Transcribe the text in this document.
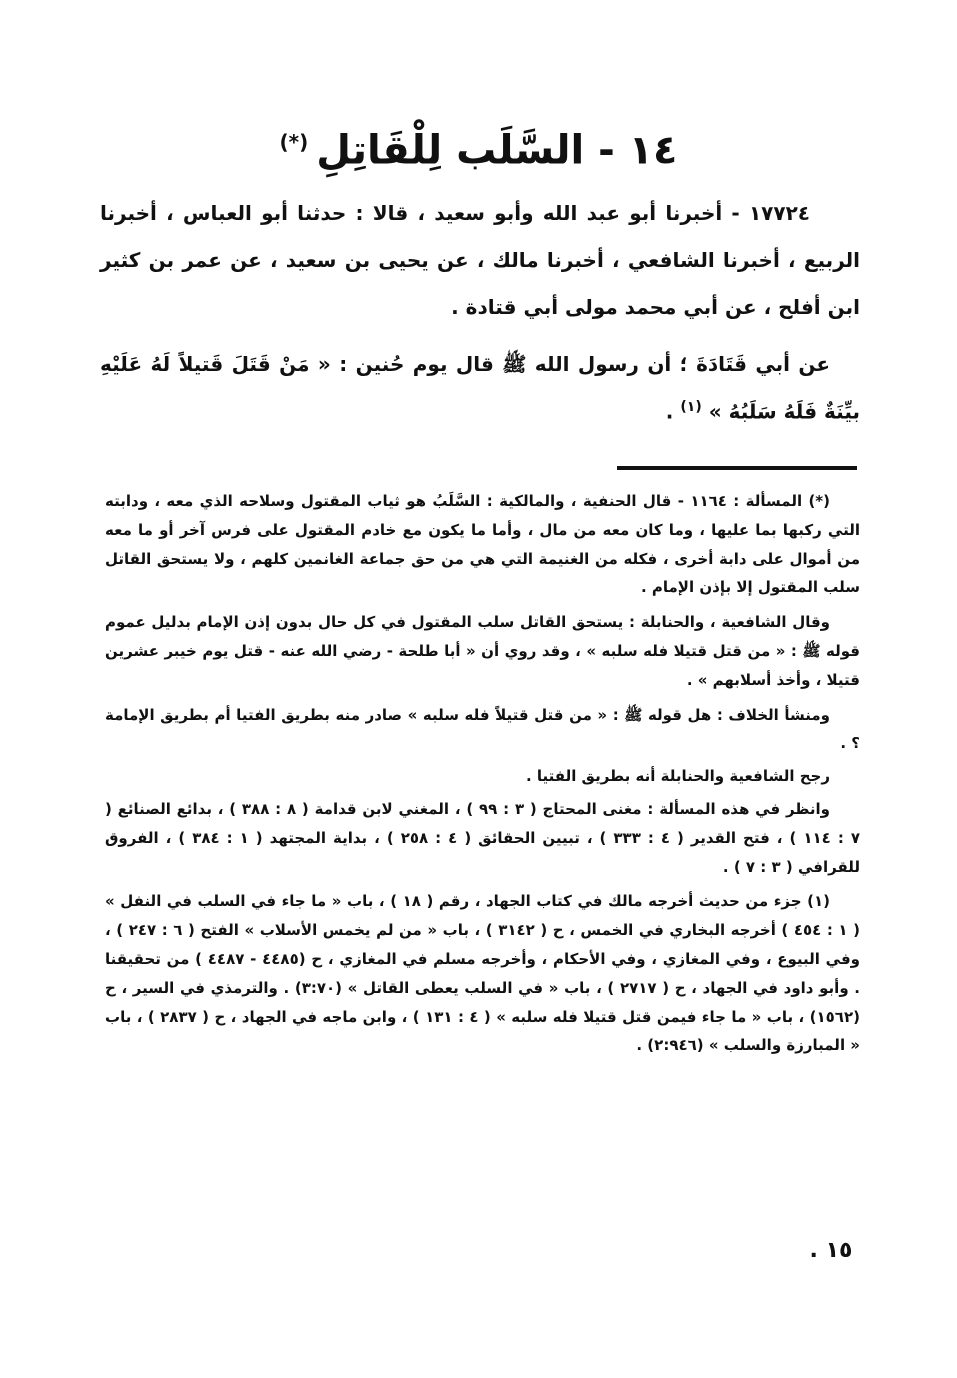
١٤ - السَّلَب لِلْقَاتِلِ(*)

١٧٧٢٤ - أخبرنا أبو عبد الله وأبو سعيد ، قالا : حدثنا أبو العباس ، أخبرنا الربيع ، أخبرنا الشافعي ، أخبرنا مالك ، عن يحيى بن سعيد ، عن عمر بن كثير ابن أفلح ، عن أبي محمد مولى أبي قتادة .

عن أبي قَتَادَةَ ؛ أن رسول الله ﷺ قال يوم حُنين : « مَنْ قَتَلَ قَتيلاً لَهُ عَلَيْهِ بيِّنَةٌ فَلَهُ سَلَبُهُ » $^{(١)}$ .

(*) المسألة : ١١٦٤ - قال الحنفية ، والمالكية : السَّلَبُ هو ثياب المقتول وسلاحه الذي معه ، ودابته التي ركبها بما عليها ، وما كان معه من مال ، وأما ما يكون مع خادم المقتول على فرس آخر أو ما معه من أموال على دابة أخرى ، فكله من الغنيمة التي هي من حق جماعة الغانمين كلهم ، ولا يستحق القاتل سلب المقتول إلا بإذن الإمام .

وقال الشافعية ، والحنابلة : يستحق القاتل سلب المقتول في كل حال بدون إذن الإمام بدليل عموم قوله ﷺ : « من قتل قتيلا فله سلبه » ، وقد روي أن « أبا طلحة - رضي الله عنه - قتل يوم خيبر عشرين قتيلا ، وأخذ أسلابهم » .

ومنشأ الخلاف : هل قوله ﷺ : « من قتل قتيلاً فله سلبه » صادر منه بطريق الفتيا أم بطريق الإمامة ؟ .

رجح الشافعية والحنابلة أنه بطريق الفتيا .

وانظر في هذه المسألة : مغنى المحتاج ( ٣ : ٩٩ ) ، المغني لابن قدامة ( ٨ : ٣٨٨ ) ، بدائع الصنائع ( ٧ : ١١٤ ) ، فتح القدير ( ٤ : ٣٣٣ ) ، تبيين الحقائق ( ٤ : ٢٥٨ ) ، بداية المجتهد ( ١ : ٣٨٤ ) ، الفروق للقرافي ( ٣ : ٧ ) .

(١) جزء من حديث أخرجه مالك في كتاب الجهاد ، رقم ( ١٨ ) ، باب « ما جاء في السلب في النفل » ( ١ : ٤٥٤ ) أخرجه البخاري في الخمس ، ح ( ٣١٤٢ ) ، باب « من لم يخمس الأسلاب » الفتح ( ٦ : ٢٤٧ ) ، وفي البيوع ، وفي المغازي ، وفي الأحكام ، وأخرجه مسلم في المغازي ، ح (٤٤٨٥ - ٤٤٨٧ ) من تحقيقنا . وأبو داود في الجهاد ، ح ( ٢٧١٧ ) ، باب « في السلب يعطى القاتل » (٣:٧٠) . والترمذي في السير ، ح (١٥٦٢) ، باب « ما جاء فيمن قتل قتيلا فله سلبه » ( ٤ : ١٣١ ) ، وابن ماجه في الجهاد ، ح ( ٢٨٣٧ ) ، باب « المبارزة والسلب » (٢:٩٤٦) .

١٥ .
